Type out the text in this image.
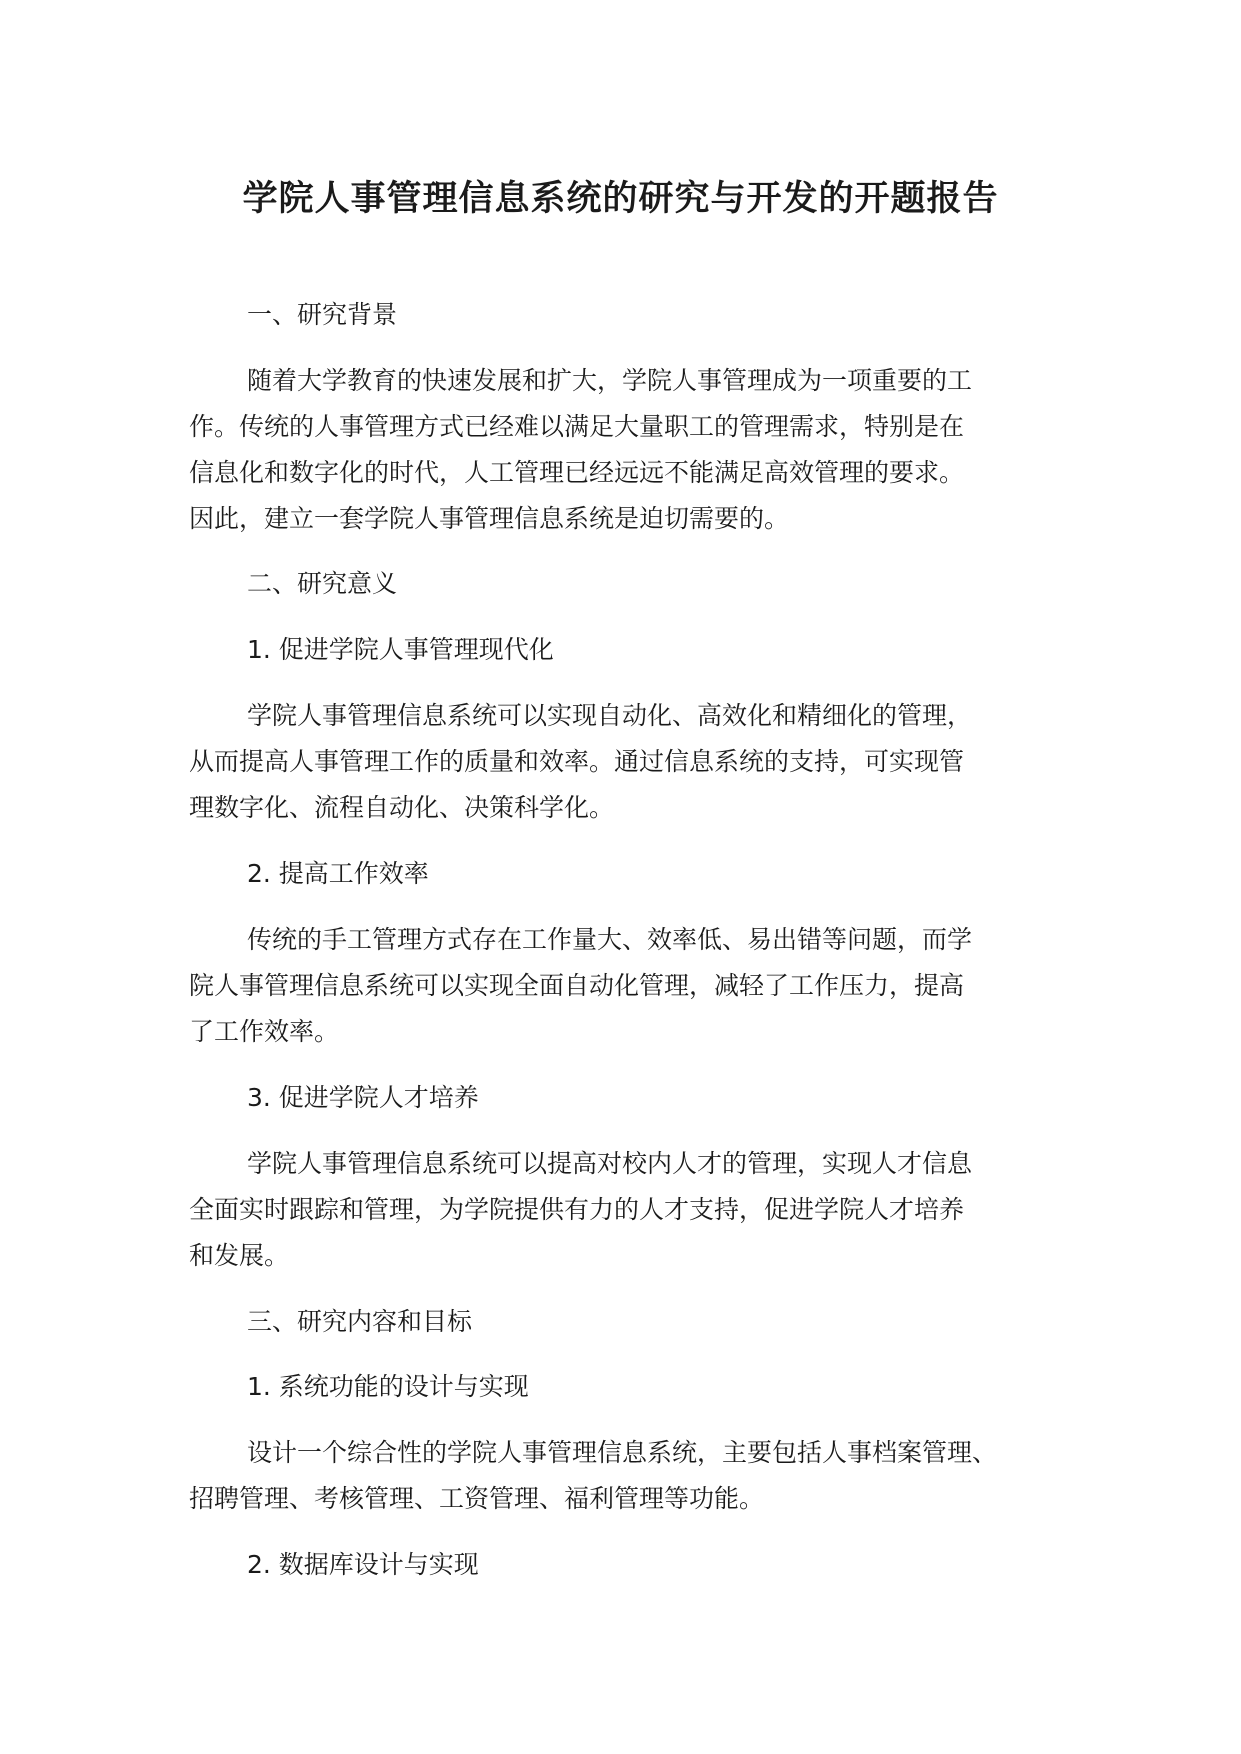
学院人事管理信息系统的研究与开发的开题报告
一、研究背景
随着大学教育的快速发展和扩大，学院人事管理成为一项重要的工
作。传统的人事管理方式已经难以满足大量职工的管理需求，特别是在
信息化和数字化的时代，人工管理已经远远不能满足高效管理的要求。
因此，建立一套学院人事管理信息系统是迫切需要的。
二、研究意义
1. 促进学院人事管理现代化
学院人事管理信息系统可以实现自动化、高效化和精细化的管理，
从而提高人事管理工作的质量和效率。通过信息系统的支持，可实现管
理数字化、流程自动化、决策科学化。
2. 提高工作效率
传统的手工管理方式存在工作量大、效率低、易出错等问题，而学
院人事管理信息系统可以实现全面自动化管理，减轻了工作压力，提高
了工作效率。
3. 促进学院人才培养
学院人事管理信息系统可以提高对校内人才的管理，实现人才信息
全面实时跟踪和管理，为学院提供有力的人才支持，促进学院人才培养
和发展。
三、研究内容和目标
1. 系统功能的设计与实现
设计一个综合性的学院人事管理信息系统，主要包括人事档案管理、
招聘管理、考核管理、工资管理、福利管理等功能。
2. 数据库设计与实现
